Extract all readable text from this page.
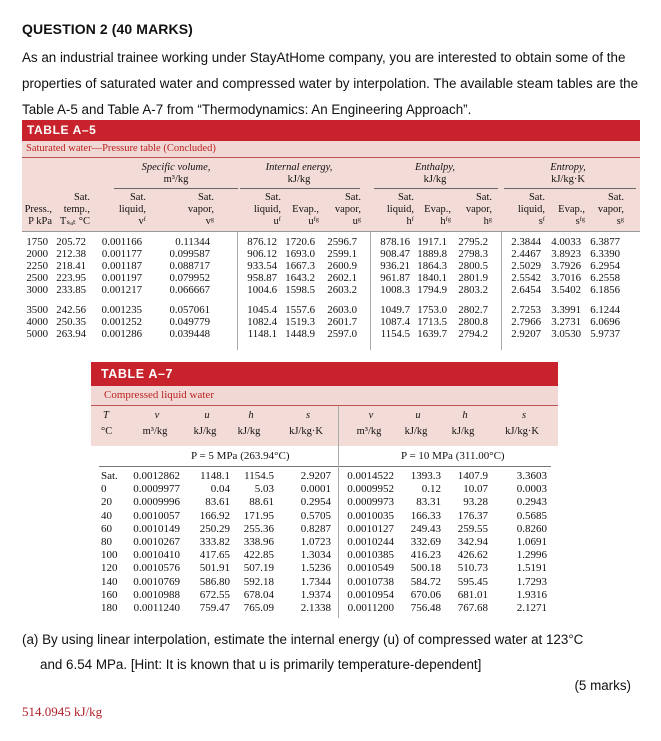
QUESTION 2 (40 MARKS)
As an industrial trainee working under StayAtHome company, you are interested to obtain some of the properties of saturated water and compressed water by interpolation. The available steam tables are the Table A-5 and Table A-7 from “Thermodynamics: An Engineering Approach”.
TABLE A–5
Saturated water—Pressure table (Concluded)
Specific volume,
m³/kg
Internal energy,
kJ/kg
Enthalpy,
kJ/kg
Entropy,
kJ/kg·K
Press.,
P kPa
Sat.
temp.,
Tₛₐₜ °C
Sat.
liquid,
vᶠ
Sat.
vapor,
vᵍ
Sat.
liquid,
uᶠ
Evap.,
uᶠᵍ
Sat.
vapor,
uᵍ
Sat.
liquid,
hᶠ
Evap.,
hᶠᵍ
Sat.
vapor,
hᵍ
Sat.
liquid,
sᶠ
Evap.,
sᶠᵍ
Sat.
vapor,
sᵍ
1750 205.72 0.001166	0.11344	876.12 1720.6 2596.7 878.16 1917.1 2795.2 2.3844 4.0033 6.3877
2000 212.38 0.001177	0.099587	906.12 1693.0 2599.1 908.47 1889.8 2798.3 2.4467 3.8923 6.3390
2250 218.41 0.001187	0.088717	933.54 1667.3 2600.9 936.21 1864.3 2800.5 2.5029 3.7926 6.2954
2500 223.95 0.001197	0.079952	958.87 1643.2 2602.1 961.87 1840.1 2801.9 2.5542 3.7016 6.2558
3000 233.85 0.001217	0.066667	1004.6 1598.5 2603.2 1008.3 1794.9 2803.2 2.6454 3.5402 6.1856
3500 242.56 0.001235	0.057061	1045.4 1557.6 2603.0 1049.7 1753.0 2802.7 2.7253 3.3991 6.1244
4000 250.35 0.001252	0.049779	1082.4 1519.3 2601.7 1087.4 1713.5 2800.8 2.7966 3.2731 6.0696
5000 263.94 0.001286	0.039448	1148.1 1448.9 2597.0 1154.5 1639.7 2794.2 2.9207 3.0530 5.9737
TABLE A–7
Compressed liquid water
T
°C
v
m³/kg
u
kJ/kg
h
kJ/kg
s
kJ/kg·K
v
m³/kg
u
kJ/kg
h
kJ/kg
s
kJ/kg·K
P = 5 MPa (263.94°C)	P = 10 MPa (311.00°C)
Sat. 0.0012862 1148.1 1154.5 2.9207 0.0014522 1393.3 1407.9	3.3603
0 0.0009977	0.04 5.03 0.0001 0.0009952	0.12 10.07	0.0003
20 0.0009996 83.61 88.61 0.2954 0.0009973 83.31 93.28	0.2943
40 0.0010057 166.92 171.95 0.5705 0.0010035 166.33 176.37	0.5685
60 0.0010149 250.29 255.36 0.8287 0.0010127 249.43 259.55	0.8260
80 0.0010267 333.82 338.96 1.0723 0.0010244 332.69 342.94	1.0691
100 0.0010410 417.65 422.85 1.3034 0.0010385 416.23 426.62	1.2996
120 0.0010576 501.91 507.19 1.5236 0.0010549 500.18 510.73	1.5191
140 0.0010769 586.80 592.18 1.7344 0.0010738 584.72 595.45	1.7293
160 0.0010988 672.55 678.04 1.9374 0.0010954 670.06 681.01	1.9316
180 0.0011240 759.47 765.09 2.1338 0.0011200 756.48 767.68	2.1271
(a) By using linear interpolation, estimate the internal energy (u) of compressed water at 123°C
and 6.54 MPa. [Hint: It is known that u is primarily temperature-dependent]
(5 marks)
514.0945 kJ/kg
